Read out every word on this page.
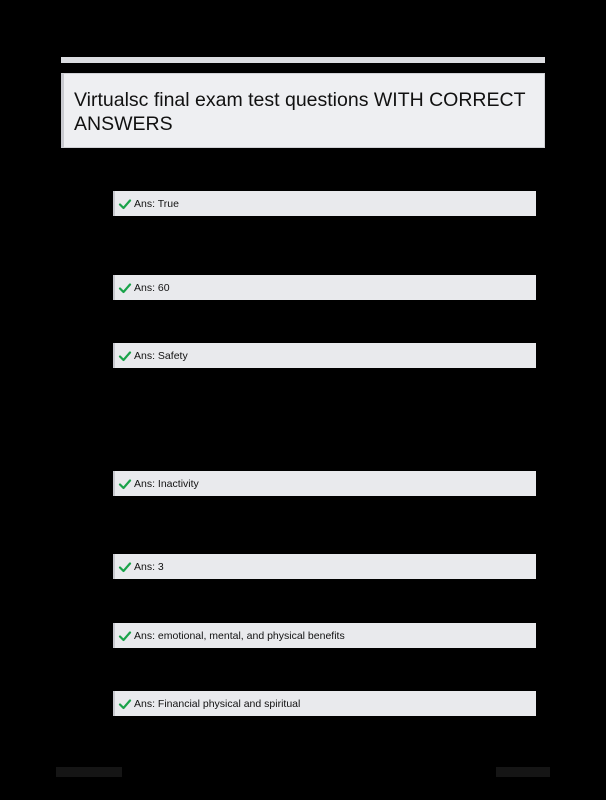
Virtualsc final exam test questions WITH CORRECT ANSWERS
Ans: True
Ans: 60
Ans: Safety
Ans: Inactivity
Ans: 3
Ans: emotional, mental, and physical benefits
Ans: Financial physical and spiritual
